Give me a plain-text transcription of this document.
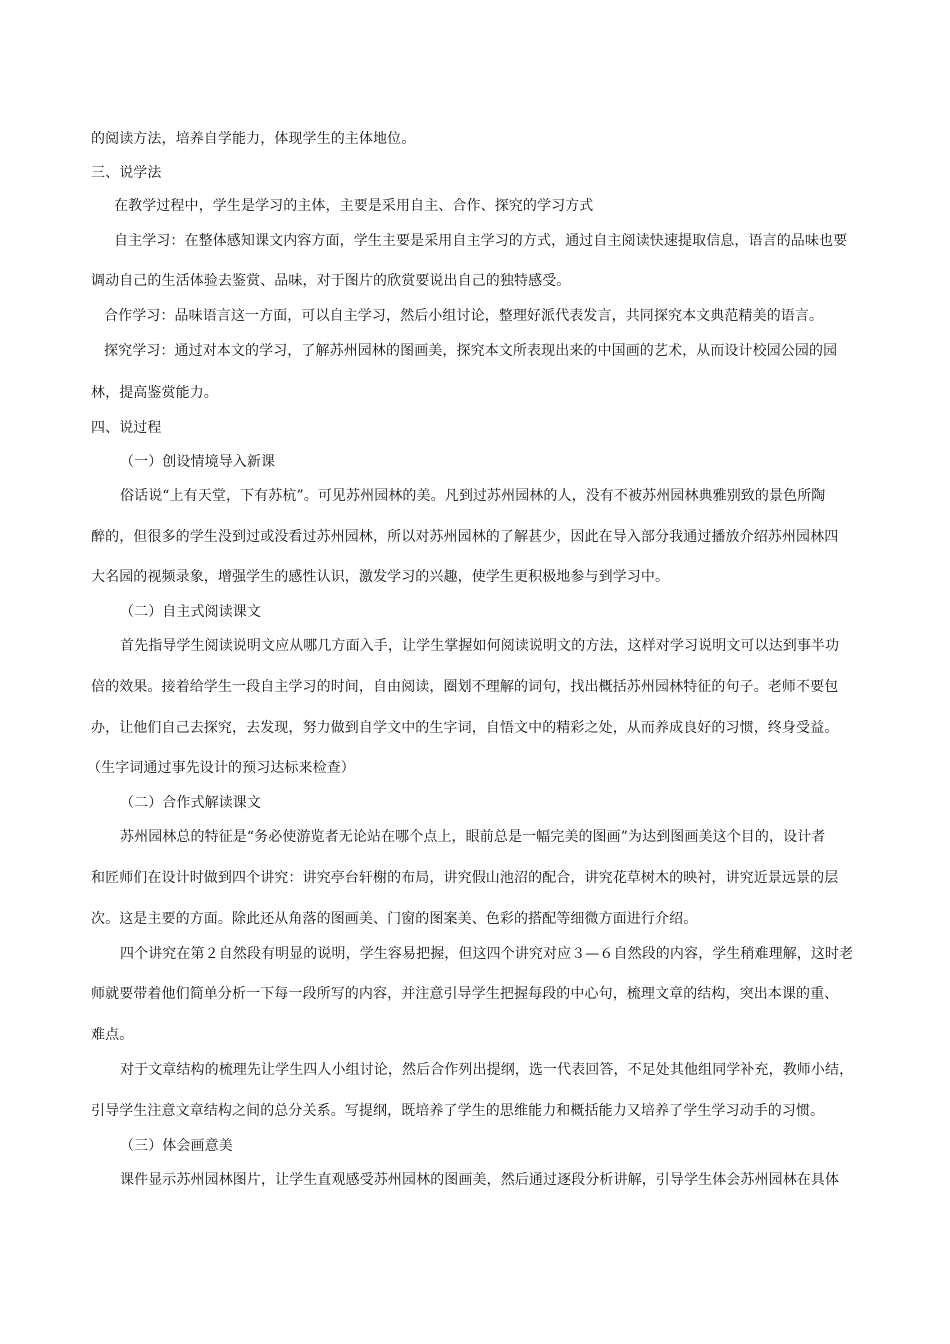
的阅读方法，培养自学能力，体现学生的主体地位。
三、说学法
在教学过程中，学生是学习的主体，主要是采用自主、合作、探究的学习方式
自主学习：在整体感知课文内容方面，学生主要是采用自主学习的方式，通过自主阅读快速提取信息，语言的品味也要
调动自己的生活体验去鉴赏、品味，对于图片的欣赏要说出自己的独特感受。
合作学习：品味语言这一方面，可以自主学习，然后小组讨论，整理好派代表发言，共同探究本文典范精美的语言。
探究学习：通过对本文的学习，了解苏州园林的图画美，探究本文所表现出来的中国画的艺术，从而设计校园公园的园
林，提高鉴赏能力。
四、说过程
（一）创设情境导入新课
俗话说“上有天堂，下有苏杭”。可见苏州园林的美。凡到过苏州园林的人，没有不被苏州园林典雅别致的景色所陶
醉的，但很多的学生没到过或没看过苏州园林，所以对苏州园林的了解甚少，因此在导入部分我通过播放介绍苏州园林四
大名园的视频录象，增强学生的感性认识，激发学习的兴趣，使学生更积极地参与到学习中。
（二）自主式阅读课文
首先指导学生阅读说明文应从哪几方面入手，让学生掌握如何阅读说明文的方法，这样对学习说明文可以达到事半功
倍的效果。接着给学生一段自主学习的时间，自由阅读，圈划不理解的词句，找出概括苏州园林特征的句子。老师不要包
办，让他们自己去探究，去发现，努力做到自学文中的生字词，自悟文中的精彩之处，从而养成良好的习惯，终身受益。
（生字词通过事先设计的预习达标来检查）
（二）合作式解读课文
苏州园林总的特征是“务必使游览者无论站在哪个点上，眼前总是一幅完美的图画”为达到图画美这个目的，设计者
和匠师们在设计时做到四个讲究：讲究亭台轩榭的布局，讲究假山池沼的配合，讲究花草树木的映衬，讲究近景远景的层
次。这是主要的方面。除此还从角落的图画美、门窗的图案美、色彩的搭配等细微方面进行介绍。
四个讲究在第２自然段有明显的说明，学生容易把握，但这四个讲究对应３—６自然段的内容，学生稍难理解，这时老
师就要带着他们简单分析一下每一段所写的内容，并注意引导学生把握每段的中心句，梳理文章的结构，突出本课的重、
难点。
对于文章结构的梳理先让学生四人小组讨论，然后合作列出提纲，选一代表回答，不足处其他组同学补充，教师小结，
引导学生注意文章结构之间的总分关系。写提纲，既培养了学生的思维能力和概括能力又培养了学生学习动手的习惯。
（三）体会画意美
课件显示苏州园林图片，让学生直观感受苏州园林的图画美，然后通过逐段分析讲解，引导学生体会苏州园林在具体
